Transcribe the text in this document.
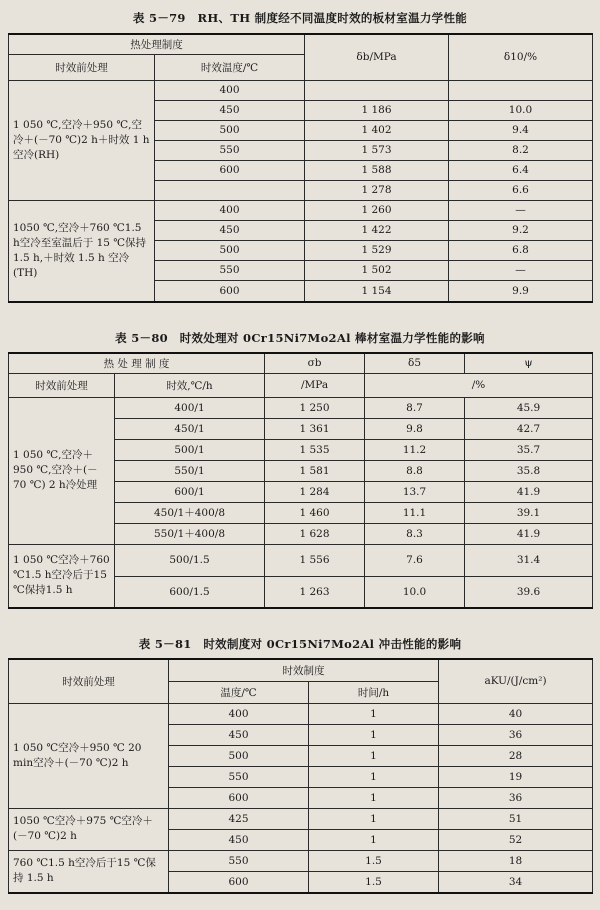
表 5－79　RH、TH 制度经不同温度时效的板材室温力学性能
热处理制度		δb/MPa	δ10/%
时效前处理	时效温度/℃		
1 050 ℃,空冷＋950 ℃,空冷＋(－70 ℃)2 h＋时效 1 h空冷(RH)	400		
	450	1 186	10.0
	500	1 402	9.4
	550	1 573	8.2
	600	1 588	6.4
		1 278	6.6
1050 ℃,空冷＋760 ℃1.5 h空冷至室温后于 15 ℃保持1.5 h,＋时效 1.5 h 空冷(TH)	400	1 260	—
	450	1 422	9.2
	500	1 529	6.8
	550	1 502	—
	600	1 154	9.9
表 5－80　时效处理对 0Cr15Ni7Mo2Al 棒材室温力学性能的影响
热 处 理 制 度		σb	δ5	ψ
时效前处理	时效,℃/h	/MPa	/%	
1 050 ℃,空冷＋950 ℃,空冷＋(－70 ℃) 2 h冷处理	400/1	1 250	8.7	45.9
	450/1	1 361	9.8	42.7
	500/1	1 535	11.2	35.7
	550/1	1 581	8.8	35.8
	600/1	1 284	13.7	41.9
	450/1＋400/8	1 460	11.1	39.1
	550/1＋400/8	1 628	8.3	41.9
1 050 ℃空冷＋760 ℃1.5 h空冷后于15 ℃保持1.5 h	500/1.5	1 556	7.6	31.4
	600/1.5	1 263	10.0	39.6
表 5－81　时效制度对 0Cr15Ni7Mo2Al 冲击性能的影响
时效前处理	时效制度		aKU/(J/cm²)
	温度/℃	时间/h	
1 050 ℃空冷＋950 ℃ 20 min空冷＋(－70 ℃)2 h	400	1	40
	450	1	36
	500	1	28
	550	1	19
	600	1	36
1050 ℃空冷＋975 ℃空冷＋(－70 ℃)2 h	425	1	51
	450	1	52
760 ℃1.5 h空冷后于15 ℃保持 1.5 h	550	1.5	18
	600	1.5	34
